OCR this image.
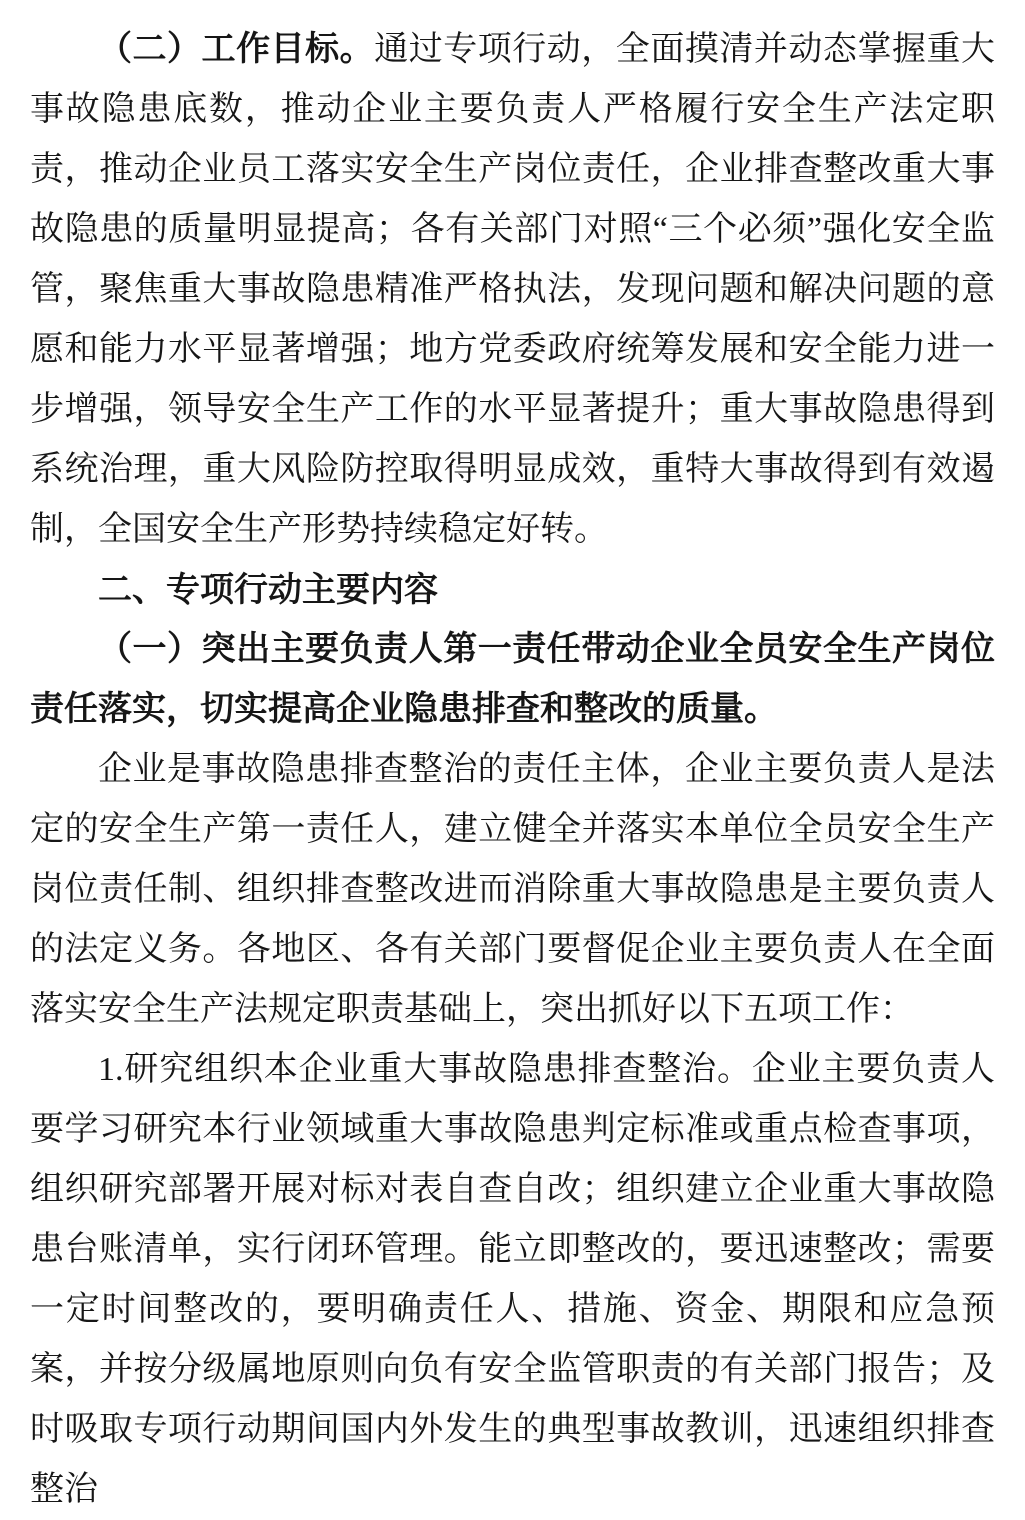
（二）工作目标。通过专项行动，全面摸清并动态掌握重大事故隐患底数，推动企业主要负责人严格履行安全生产法定职责，推动企业员工落实安全生产岗位责任，企业排查整改重大事故隐患的质量明显提高；各有关部门对照“三个必须”强化安全监管，聚焦重大事故隐患精准严格执法，发现问题和解决问题的意愿和能力水平显著增强；地方党委政府统筹发展和安全能力进一步增强，领导安全生产工作的水平显著提升；重大事故隐患得到系统治理，重大风险防控取得明显成效，重特大事故得到有效遏制，全国安全生产形势持续稳定好转。

二、专项行动主要内容

（一）突出主要负责人第一责任带动企业全员安全生产岗位责任落实，切实提高企业隐患排查和整改的质量。

企业是事故隐患排查整治的责任主体，企业主要负责人是法定的安全生产第一责任人，建立健全并落实本单位全员安全生产岗位责任制、组织排查整改进而消除重大事故隐患是主要负责人的法定义务。各地区、各有关部门要督促企业主要负责人在全面落实安全生产法规定职责基础上，突出抓好以下五项工作：

1.研究组织本企业重大事故隐患排查整治。企业主要负责人要学习研究本行业领域重大事故隐患判定标准或重点检查事项，组织研究部署开展对标对表自查自改；组织建立企业重大事故隐患台账清单，实行闭环管理。能立即整改的，要迅速整改；需要一定时间整改的，要明确责任人、措施、资金、期限和应急预案，并按分级属地原则向负有安全监管职责的有关部门报告；及时吸取专项行动期间国内外发生的典型事故教训，迅速组织排查整治
